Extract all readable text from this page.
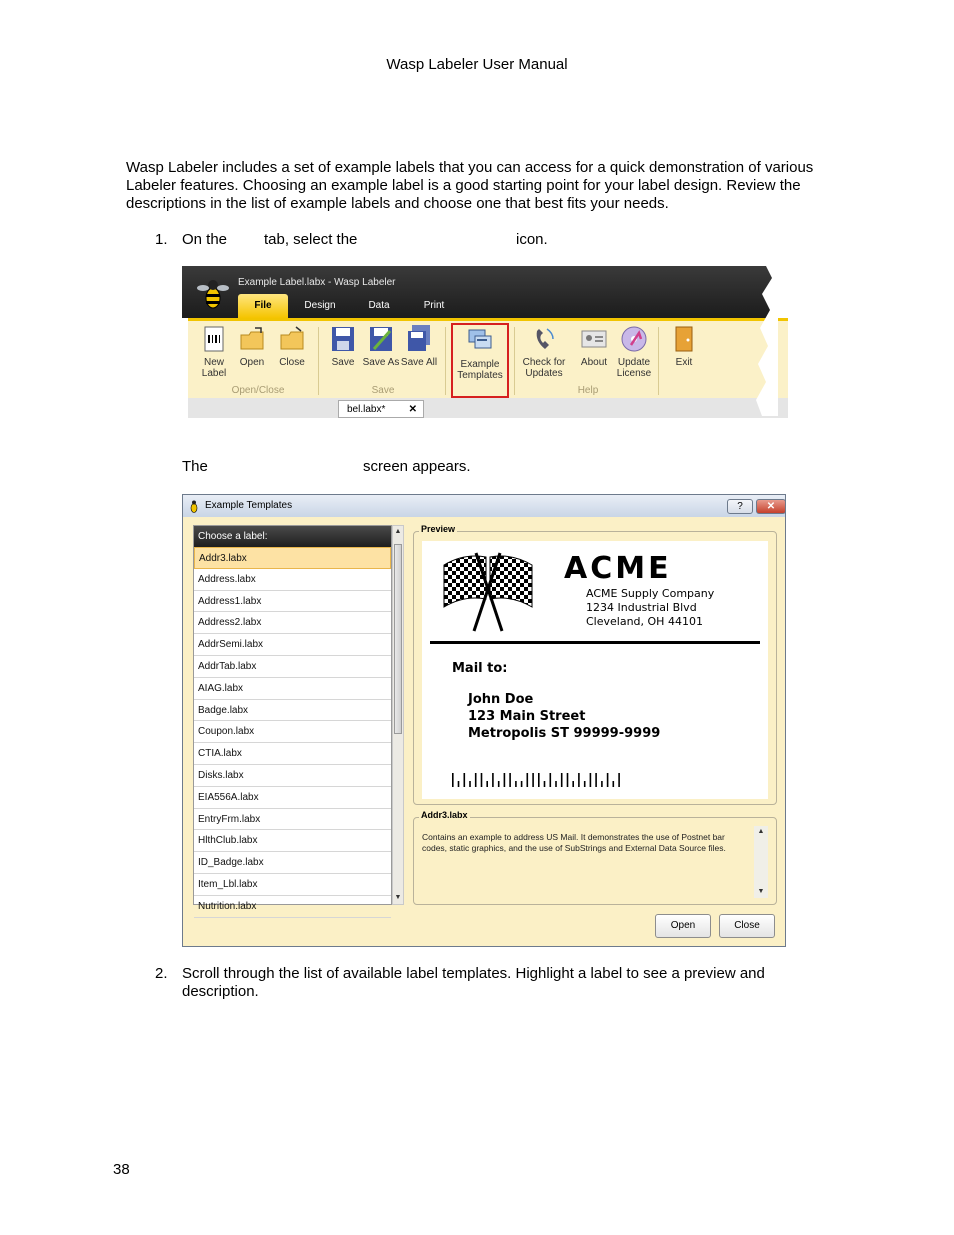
Wasp Labeler User Manual
Wasp Labeler includes a set of example labels that you can access for a quick demonstration of various Labeler features. Choosing an example label is a good starting point for your label design. Review the descriptions in the list of example labels and choose one that best fits your needs.
1. On the tab, select the	icon.
Example Label.labx - Wasp Labeler
File	Design	Data	Print
New Label
Open	Close
Open/Close
Save Save As Save All
Save
Example Templates
Check for Updates
About	Update License
Help
Exit
bel.labx* ✕
The	screen appears.
Example Templates	?	✕
Choose a label:
Addr3.labx
Address.labx
Address1.labx
Address2.labx
AddrSemi.labx
AddrTab.labx
AIAG.labx
Badge.labx
Coupon.labx
CTIA.labx
Disks.labx
EIA556A.labx
EntryFrm.labx
HlthClub.labx
ID_Badge.labx
Item_Lbl.labx
Nutrition.labx
▲
▼
Preview
ACME
ACME Supply Company
1234 Industrial Blvd
Cleveland, OH 44101
Mail to:
John Doe
123 Main Street
Metropolis ST 99999-9999
Addr3.labx
Contains an example to address US Mail. It demonstrates the use of Postnet bar codes, static graphics, and the use of SubStrings and External Data Source files.
▲
▼
Open	Close
2. Scroll through the list of available label templates. Highlight a label to see a preview and description.
38
